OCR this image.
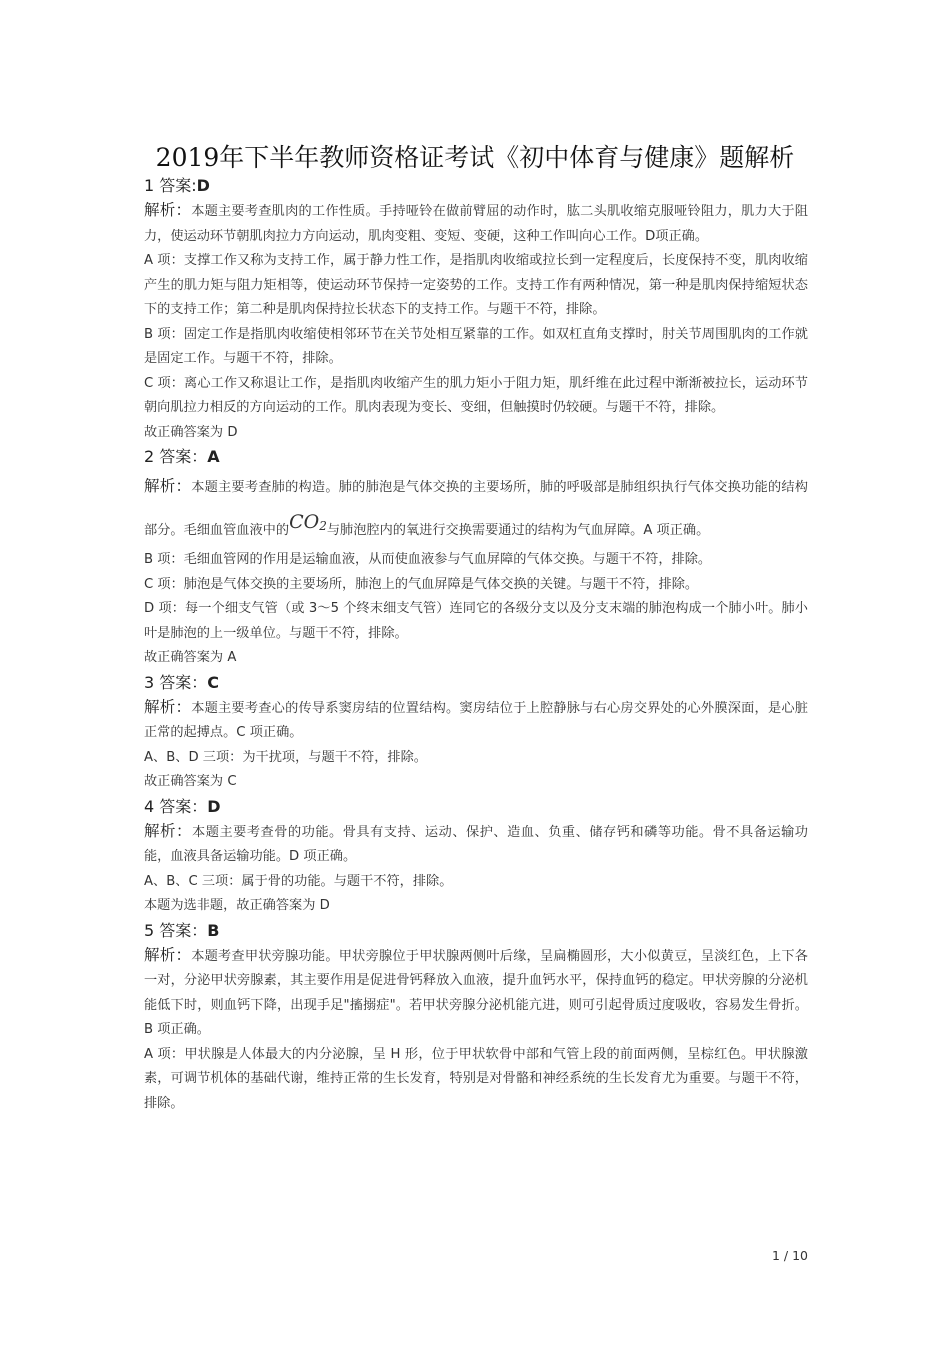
2019年下半年教师资格证考试《初中体育与健康》题解析
1 答案:D

解析：本题主要考查肌肉的工作性质。手持哑铃在做前臂屈的动作时，肱二头肌收缩克服哑铃阻力，肌力大于阻力，使运动环节朝肌肉拉力方向运动，肌肉变粗、变短、变硬，这种工作叫向心工作。D项正确。

A 项：支撑工作又称为支持工作，属于静力性工作，是指肌肉收缩或拉长到一定程度后，长度保持不变，肌肉收缩产生的肌力矩与阻力矩相等，使运动环节保持一定姿势的工作。支持工作有两种情况，第一种是肌肉保持缩短状态下的支持工作；第二种是肌肉保持拉长状态下的支持工作。与题干不符，排除。

B 项：固定工作是指肌肉收缩使相邻环节在关节处相互紧靠的工作。如双杠直角支撑时，肘关节周围肌肉的工作就是固定工作。与题干不符，排除。

C 项：离心工作又称退让工作，是指肌肉收缩产生的肌力矩小于阻力矩，肌纤维在此过程中渐渐被拉长，运动环节朝向肌拉力相反的方向运动的工作。肌肉表现为变长、变细，但触摸时仍较硬。与题干不符，排除。

故正确答案为 D

2 答案：A

解析：本题主要考查肺的构造。肺的肺泡是气体交换的主要场所，肺的呼吸部是肺组织执行气体交换功能的结构部分。毛细血管血液中的$CO_2$与肺泡腔内的氧进行交换需要通过的结构为气血屏障。A 项正确。

B 项：毛细血管网的作用是运输血液，从而使血液参与气血屏障的气体交换。与题干不符，排除。

C 项：肺泡是气体交换的主要场所，肺泡上的气血屏障是气体交换的关键。与题干不符，排除。

D 项：每一个细支气管（或 3～5 个终末细支气管）连同它的各级分支以及分支末端的肺泡构成一个肺小叶。肺小叶是肺泡的上一级单位。与题干不符，排除。

故正确答案为 A

3 答案：C

解析：本题主要考查心的传导系窦房结的位置结构。窦房结位于上腔静脉与右心房交界处的心外膜深面，是心脏正常的起搏点。C 项正确。

A、B、D 三项：为干扰项，与题干不符，排除。

故正确答案为 C

4 答案：D

解析：本题主要考查骨的功能。骨具有支持、运动、保护、造血、负重、储存钙和磷等功能。骨不具备运输功能，血液具备运输功能。D 项正确。

A、B、C 三项：属于骨的功能。与题干不符，排除。

本题为选非题，故正确答案为 D

5 答案：B

解析：本题考查甲状旁腺功能。甲状旁腺位于甲状腺两侧叶后缘，呈扁椭圆形，大小似黄豆，呈淡红色，上下各一对，分泌甲状旁腺素，其主要作用是促进骨钙释放入血液，提升血钙水平，保持血钙的稳定。甲状旁腺的分泌机能低下时，则血钙下降，出现手足"搐搦症"。若甲状旁腺分泌机能亢进，则可引起骨质过度吸收，容易发生骨折。B 项正确。

A 项：甲状腺是人体最大的内分泌腺，呈 H 形，位于甲状软骨中部和气管上段的前面两侧，呈棕红色。甲状腺激素，可调节机体的基础代谢，维持正常的生长发育，特别是对骨骼和神经系统的生长发育尤为重要。与题干不符，排除。

1 / 10
